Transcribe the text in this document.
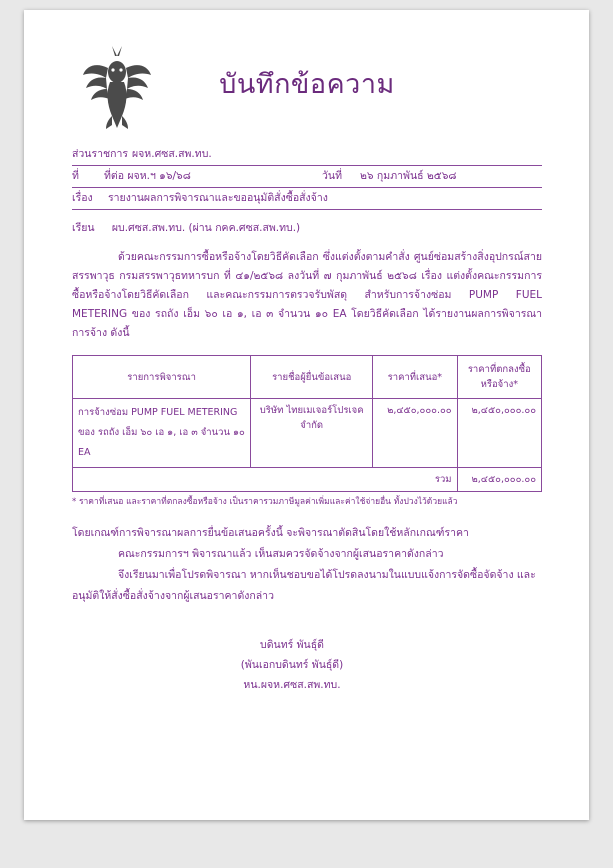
บันทึกข้อความ
ส่วนราชการ ผจห.ศซส.สพ.ทบ.
ที่ ที่ต่อ ผจห.ฯ ๑๖/๖๘	วันที่ ๒๖ กุมภาพันธ์ ๒๕๖๘
เรื่อง รายงานผลการพิจารณาและขออนุมัติสั่งซื้อสั่งจ้าง
เรียน ผบ.ศซส.สพ.ทบ. (ผ่าน กฅค.ศซส.สพ.ทบ.)
ด้วยคณะกรรมการซื้อหรือจ้างโดยวิธีคัดเลือก ซึ่งแต่งตั้งตามคำสั่ง ศูนย์ซ่อมสร้างสิ่งอุปกรณ์สายสรรพาวุธ กรมสรรพาวุธทหารบก ที่ ๔๑/๒๕๖๘ ลงวันที่ ๗ กุมภาพันธ์ ๒๕๖๘ เรื่อง แต่งตั้งคณะกรรมการซื้อหรือจ้างโดยวิธีคัดเลือก และคณะกรรมการตรวจรับพัสดุ สำหรับการจ้างซ่อม PUMP FUEL METERING ของ รถถัง เอ็ม ๖๐ เอ ๑, เอ ๓ จำนวน ๑๐ EA โดยวิธีคัดเลือก ได้รายงานผลการพิจารณาการจ้าง ดังนี้
รายการพิจารณา	รายชื่อผู้ยื่นข้อเสนอ	ราคาที่เสนอ*	ราคาที่ตกลงซื้อหรือจ้าง*
การจ้างซ่อม PUMP FUEL METERING ของ รถถัง เอ็ม ๖๐ เอ ๑, เอ ๓ จำนวน ๑๐ EA	บริษัท ไทยเมเจอร์โปรเจค จำกัด	๒,๔๕๐,๐๐๐.๐๐	๒,๔๕๐,๐๐๐.๐๐
รวม			๒,๔๕๐,๐๐๐.๐๐
* ราคาที่เสนอ และราคาที่ตกลงซื้อหรือจ้าง เป็นราคารวมภาษีมูลค่าเพิ่มและค่าใช้จ่ายอื่น ทั้งปวงไว้ด้วยแล้ว
โดยเกณฑ์การพิจารณาผลการยื่นข้อเสนอครั้งนี้ จะพิจารณาตัดสินโดยใช้หลักเกณฑ์ราคา
คณะกรรมการฯ พิจารณาแล้ว เห็นสมควรจัดจ้างจากผู้เสนอราคาดังกล่าว
จึงเรียนมาเพื่อโปรดพิจารณา หากเห็นชอบขอได้โปรดลงนามในแบบแจ้งการจัดซื้อจัดจ้าง และอนุมัติให้สั่งซื้อสั่งจ้างจากผู้เสนอราคาดังกล่าว
บดินทร์ พันธุ์ดี
(พันเอกบดินทร์ พันธุ์ดี)
หน.ผจห.ศซส.สพ.ทบ.
